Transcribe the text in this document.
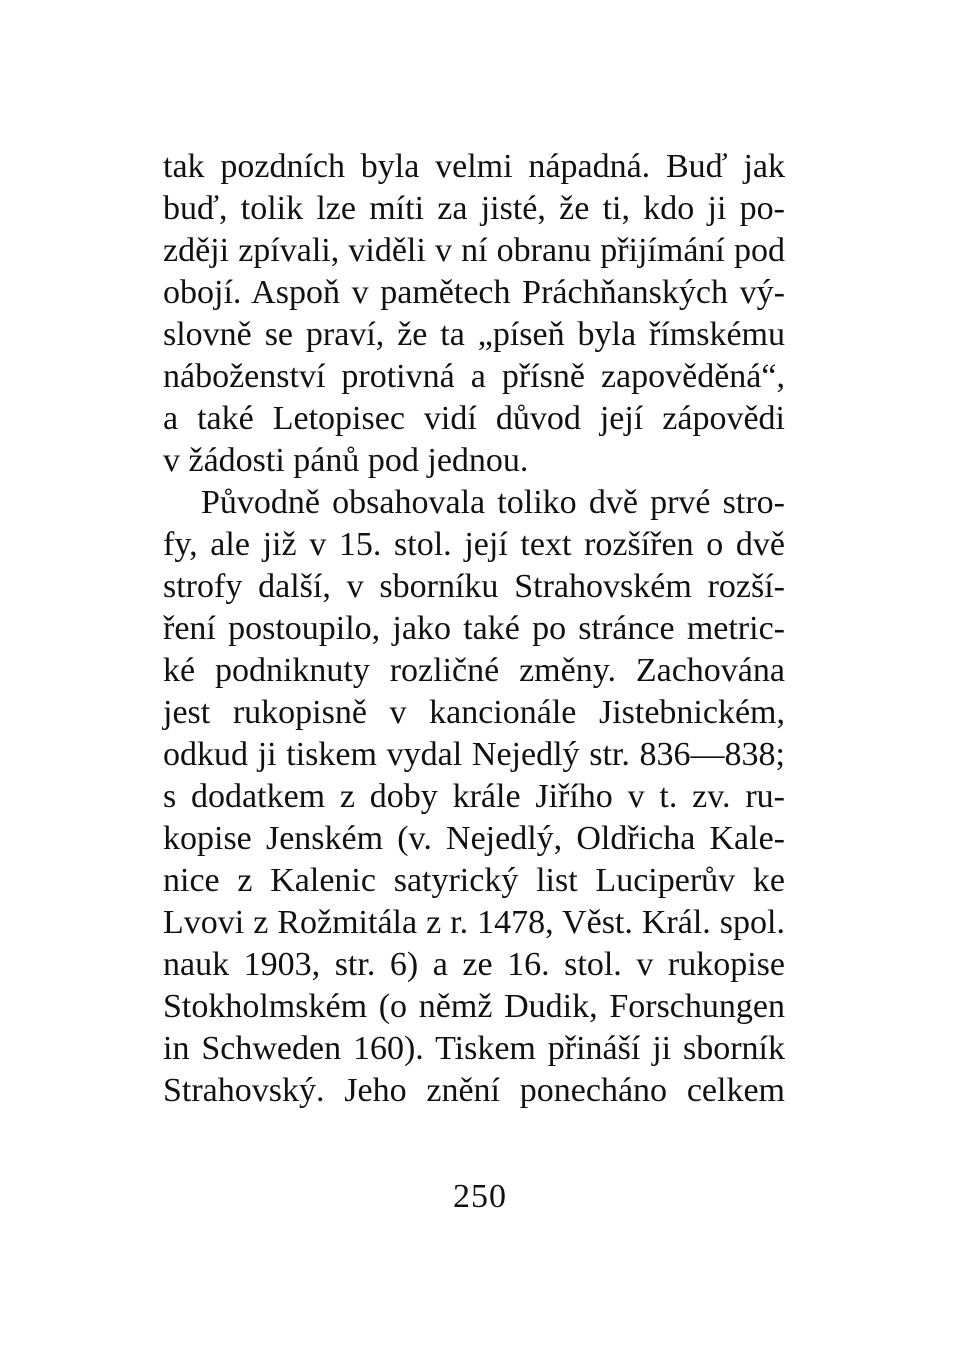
tak pozdních byla velmi nápadná. Buď jak
buď, tolik lze míti za jisté, že ti, kdo ji po-
zději zpívali, viděli v ní obranu přijímání pod
obojí. Aspoň v pamětech Práchňanských vý-
slovně se praví, že ta „píseň byla římskému
náboženství protivná a přísně zapověděná“,
a také Letopisec vidí důvod její zápovědi
v žádosti pánů pod jednou.
Původně obsahovala toliko dvě prvé stro-
fy, ale již v 15. stol. její text rozšířen o dvě
strofy další, v sborníku Strahovském rozší-
ření postoupilo, jako také po stránce metric-
ké podniknuty rozličné změny. Zachována
jest rukopisně v kancionále Jistebnickém,
odkud ji tiskem vydal Nejedlý str. 836—838;
s dodatkem z doby krále Jiřího v t. zv. ru-
kopise Jenském (v. Nejedlý, Oldřicha Kale-
nice z Kalenic satyrický list Luciperův ke
Lvovi z Rožmitála z r. 1478, Věst. Král. spol.
nauk 1903, str. 6) a ze 16. stol. v rukopise
Stokholmském (o němž Dudik, Forschungen
in Schweden 160). Tiskem přináší ji sborník
Strahovský. Jeho znění ponecháno celkem
250
